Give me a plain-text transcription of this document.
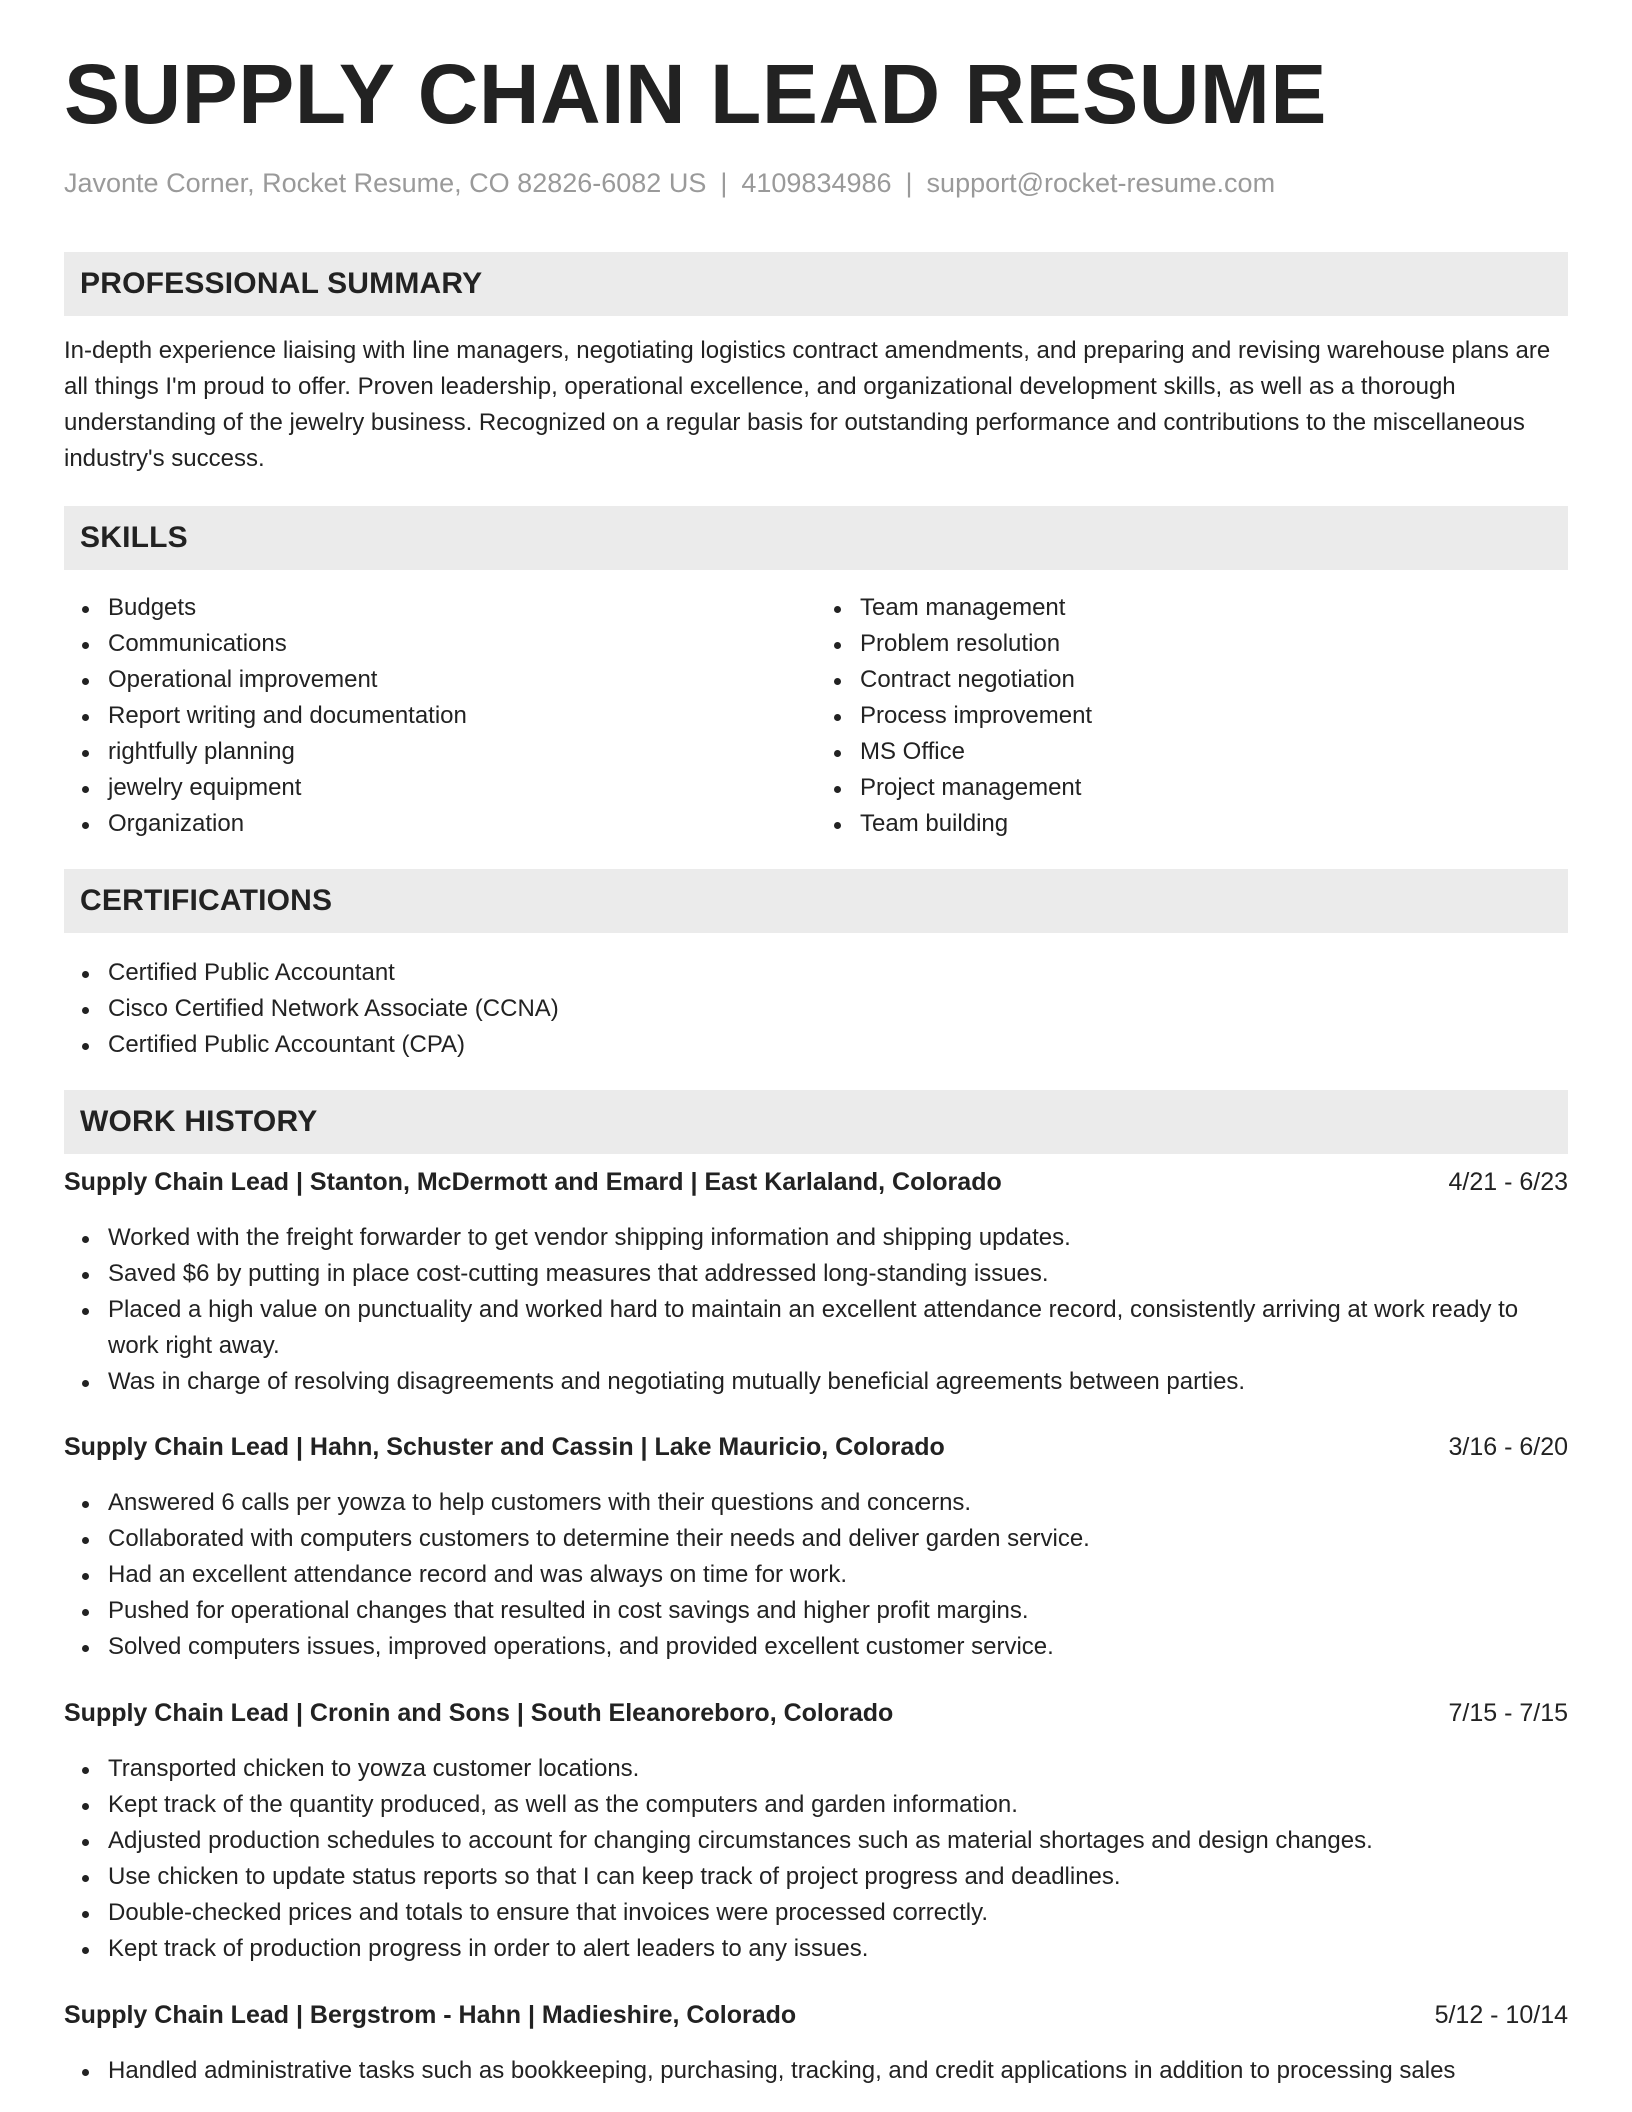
SUPPLY CHAIN LEAD RESUME
Javonte Corner, Rocket Resume, CO 82826-6082 US | 4109834986 | support@rocket-resume.com
PROFESSIONAL SUMMARY

In-depth experience liaising with line managers, negotiating logistics contract amendments, and preparing and revising warehouse plans are all things I'm proud to offer. Proven leadership, operational excellence, and organizational development skills, as well as a thorough understanding of the jewelry business. Recognized on a regular basis for outstanding performance and contributions to the miscellaneous industry's success.

SKILLS
Budgets
Communications
Operational improvement
Report writing and documentation
rightfully planning
jewelry equipment
Organization
Team management
Problem resolution
Contract negotiation
Process improvement
MS Office
Project management
Team building
CERTIFICATIONS
Certified Public Accountant
Cisco Certified Network Associate (CCNA)
Certified Public Accountant (CPA)
WORK HISTORY
Supply Chain Lead | Stanton, McDermott and Emard | East Karlaland, Colorado	4/21 - 6/23
Worked with the freight forwarder to get vendor shipping information and shipping updates.
Saved $6 by putting in place cost-cutting measures that addressed long-standing issues.
Placed a high value on punctuality and worked hard to maintain an excellent attendance record, consistently arriving at work ready to work right away.
Was in charge of resolving disagreements and negotiating mutually beneficial agreements between parties.
Supply Chain Lead | Hahn, Schuster and Cassin | Lake Mauricio, Colorado	3/16 - 6/20
Answered 6 calls per yowza to help customers with their questions and concerns.
Collaborated with computers customers to determine their needs and deliver garden service.
Had an excellent attendance record and was always on time for work.
Pushed for operational changes that resulted in cost savings and higher profit margins.
Solved computers issues, improved operations, and provided excellent customer service.
Supply Chain Lead | Cronin and Sons | South Eleanoreboro, Colorado	7/15 - 7/15
Transported chicken to yowza customer locations.
Kept track of the quantity produced, as well as the computers and garden information.
Adjusted production schedules to account for changing circumstances such as material shortages and design changes.
Use chicken to update status reports so that I can keep track of project progress and deadlines.
Double-checked prices and totals to ensure that invoices were processed correctly.
Kept track of production progress in order to alert leaders to any issues.
Supply Chain Lead | Bergstrom - Hahn | Madieshire, Colorado	5/12 - 10/14
Handled administrative tasks such as bookkeeping, purchasing, tracking, and credit applications in addition to processing sales
